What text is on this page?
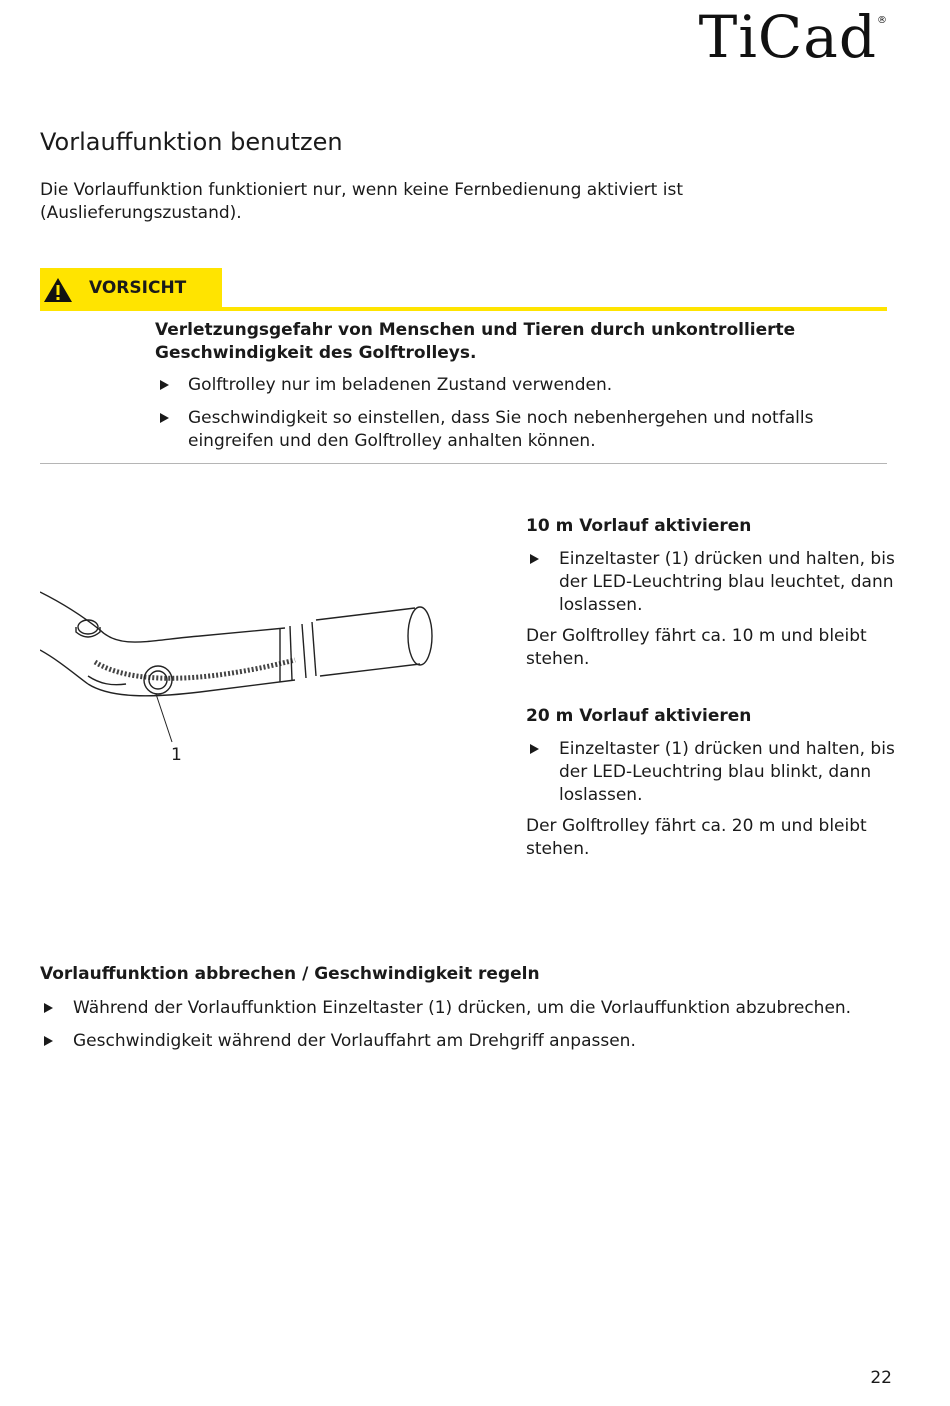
TiCad®
Vorlauffunktion benutzen
Die Vorlauffunktion funktioniert nur, wenn keine Fernbedienung aktiviert ist (Auslieferungszustand).
VORSICHT
Verletzungsgefahr von Menschen und Tieren durch unkontrollierte Geschwindigkeit des Golftrolleys.
Golftrolley nur im beladenen Zustand verwenden.
Geschwindigkeit so einstellen, dass Sie noch nebenhergehen und notfalls eingreifen und den Golftrolley anhalten können.
1
10 m Vorlauf aktivieren
Einzeltaster (1) drücken und halten, bis der LED-Leuchtring blau leuchtet, dann loslassen.
Der Golftrolley fährt ca. 10 m und bleibt stehen.
20 m Vorlauf aktivieren
Einzeltaster (1) drücken und halten, bis der LED-Leuchtring blau blinkt, dann loslassen.
Der Golftrolley fährt ca. 20 m und bleibt stehen.
Vorlauffunktion abbrechen / Geschwindigkeit regeln
Während der Vorlauffunktion Einzeltaster (1) drücken, um die Vorlauffunktion abzubrechen.
Geschwindigkeit während der Vorlauffahrt am Drehgriff anpassen.
22
